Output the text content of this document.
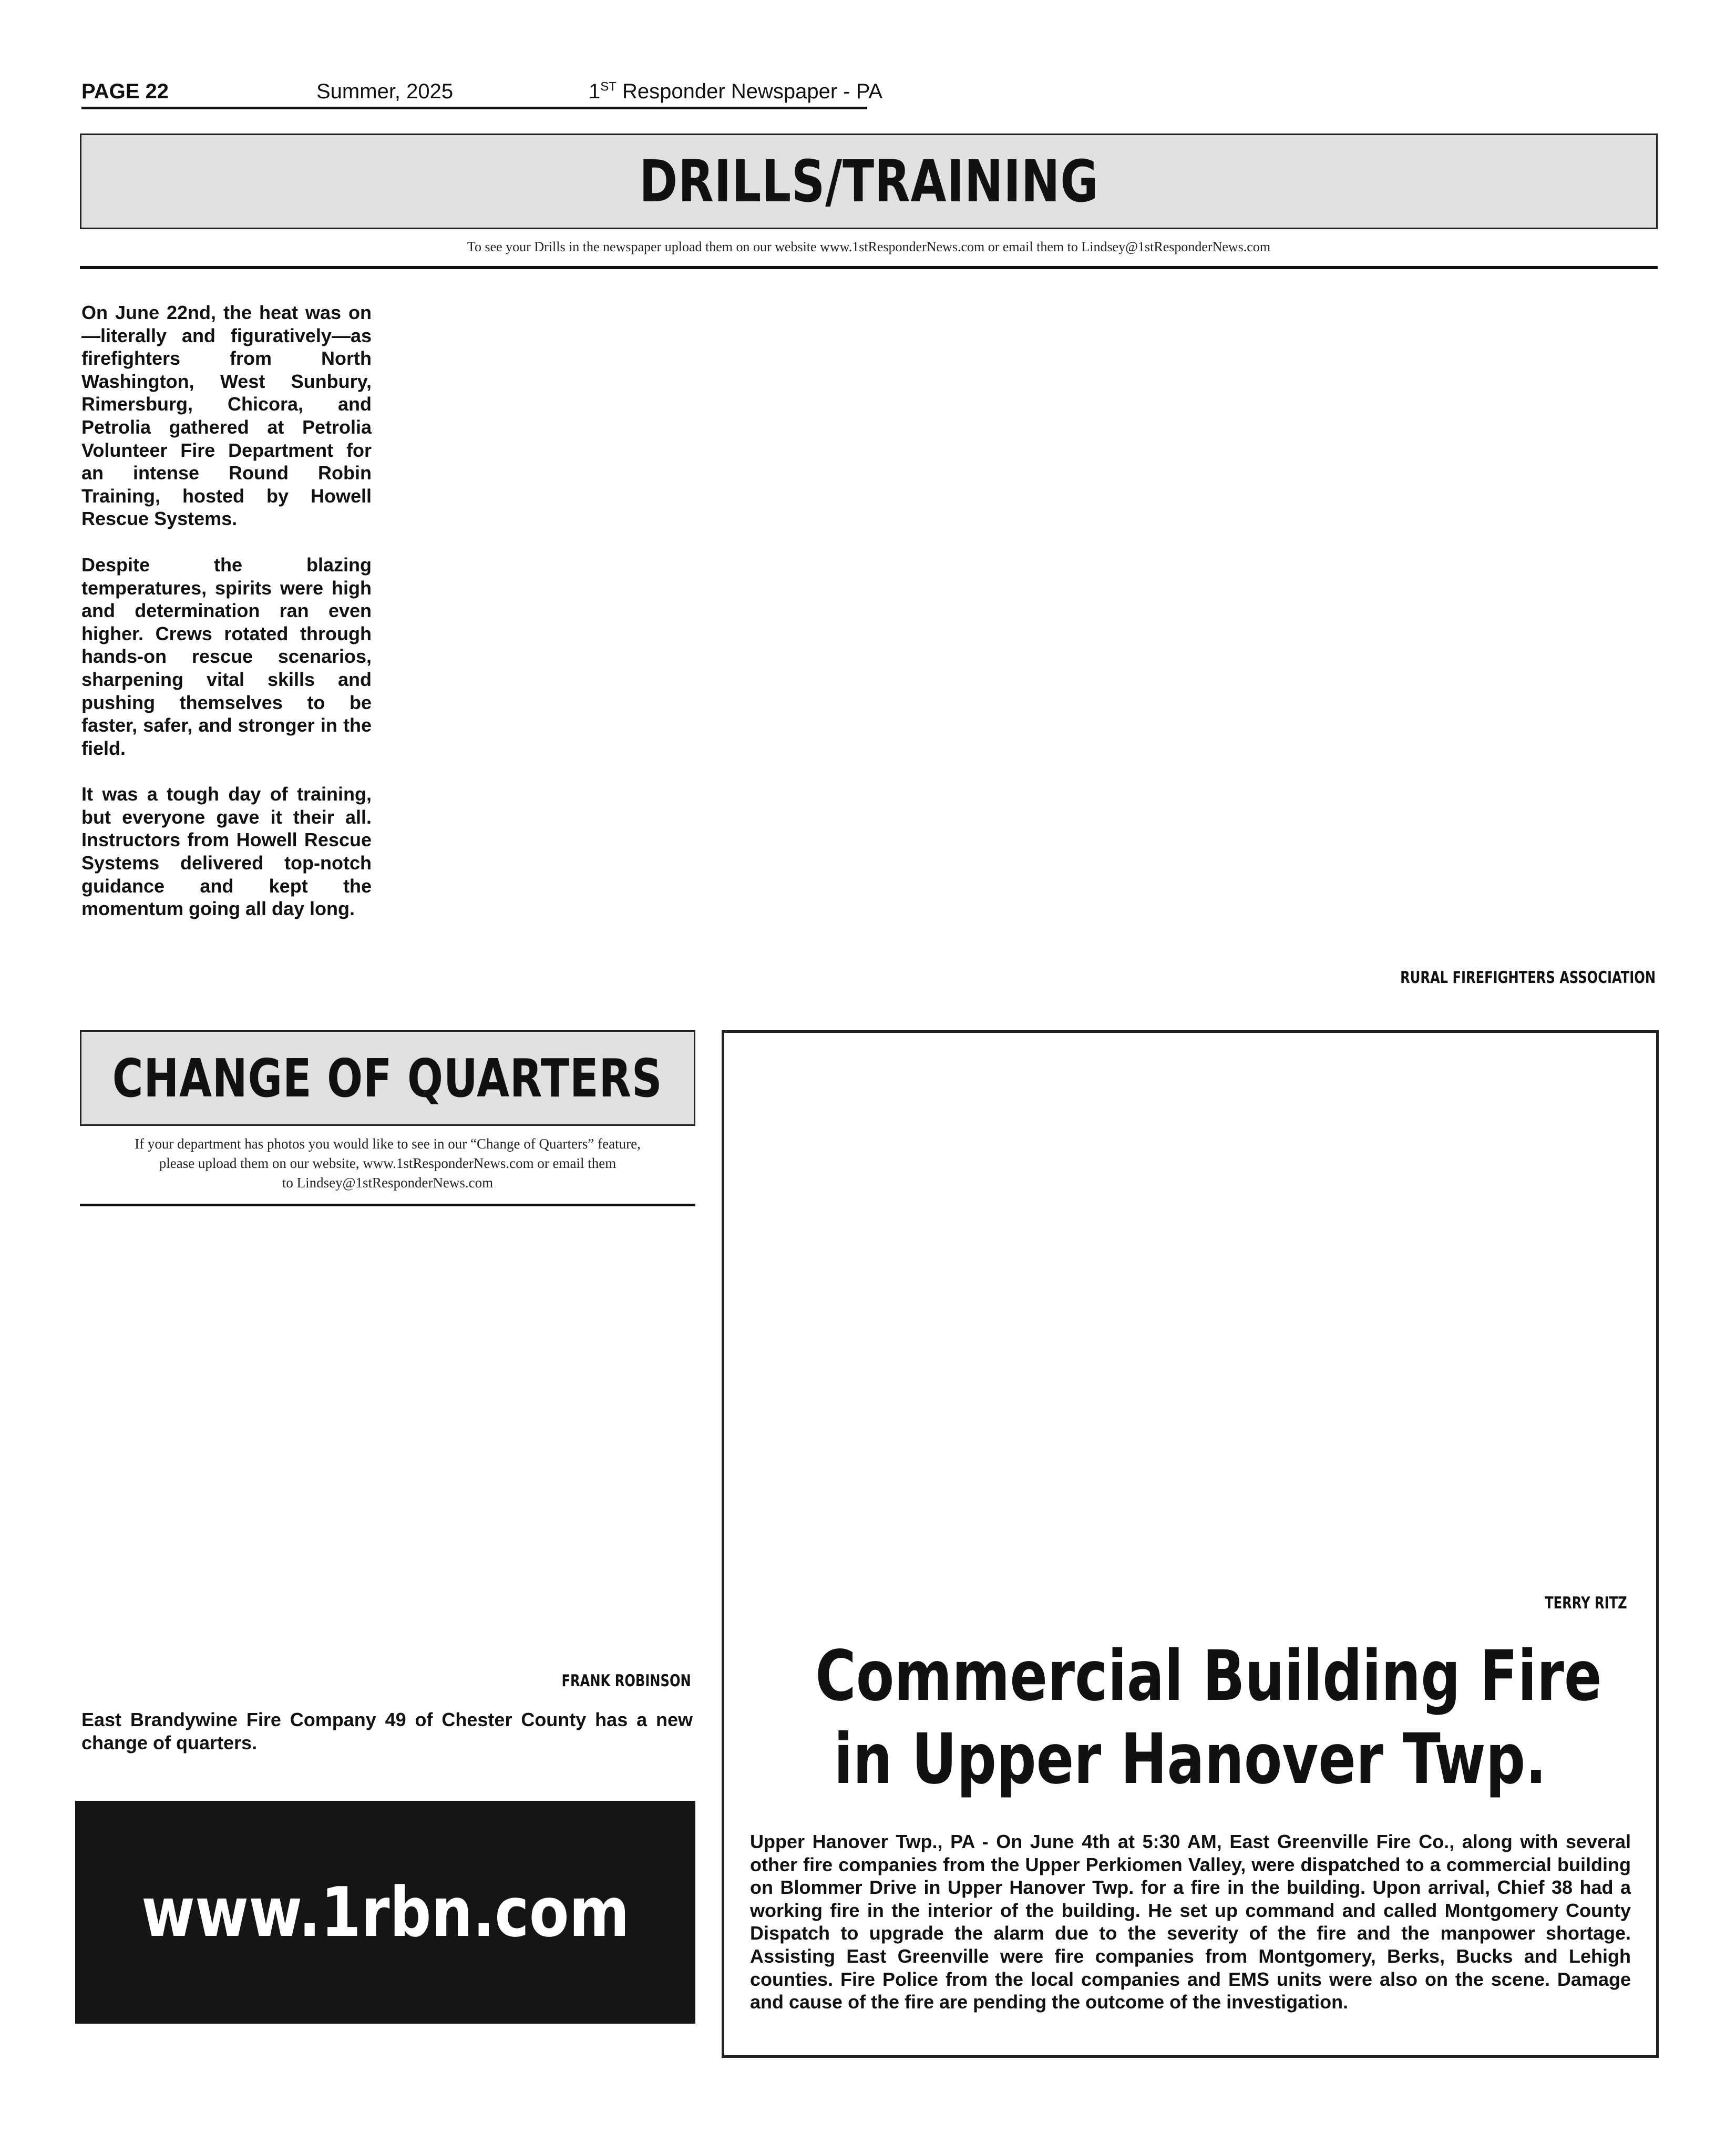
PAGE 22	Summer, 2025	1ST Responder Newspaper - PA
DRILLS/TRAINING
To see your Drills in the newspaper upload them on our website www.1stResponderNews.com or email them to Lindsey@1stResponderNews.com

On June 22nd, the heat was on—literally and figuratively—as firefighters from North Washington, West Sunbury, Rimersburg, Chicora, and Petrolia gathered at Petrolia Volunteer Fire Department for an intense Round Robin Training, hosted by Howell Rescue Systems.

Despite the blazing temperatures, spirits were high and determination ran even higher. Crews rotated through hands-on rescue scenarios, sharpening vital skills and pushing themselves to be faster, safer, and stronger in the field.

It was a tough day of training, but everyone gave it their all. Instructors from Howell Rescue Systems delivered top-notch guidance and kept the momentum going all day long.

RURAL FIREFIGHTERS ASSOCIATION
CHANGE OF QUARTERS
If your department has photos you would like to see in our “Change of Quarters” feature,
please upload them on our website, www.1stResponderNews.com or email them
to Lindsey@1stResponderNews.com
FRANK ROBINSON
East Brandywine Fire Company 49 of Chester County has a new change of quarters.
www.1rbn.com
TERRY RITZ
Commercial Building Fire
in Upper Hanover Twp.
Upper Hanover Twp., PA - On June 4th at 5:30 AM, East Greenville Fire Co., along with several other fire companies from the Upper Perkiomen Valley, were dispatched to a commercial building on Blommer Drive in Upper Hanover Twp. for a fire in the building. Upon arrival, Chief 38 had a working fire in the interior of the building. He set up command and called Montgomery County Dispatch to upgrade the alarm due to the severity of the fire and the manpower shortage. Assisting East Greenville were fire companies from Montgomery, Berks, Bucks and Lehigh counties. Fire Police from the local companies and EMS units were also on the scene. Damage and cause of the fire are pending the outcome of the investigation.
